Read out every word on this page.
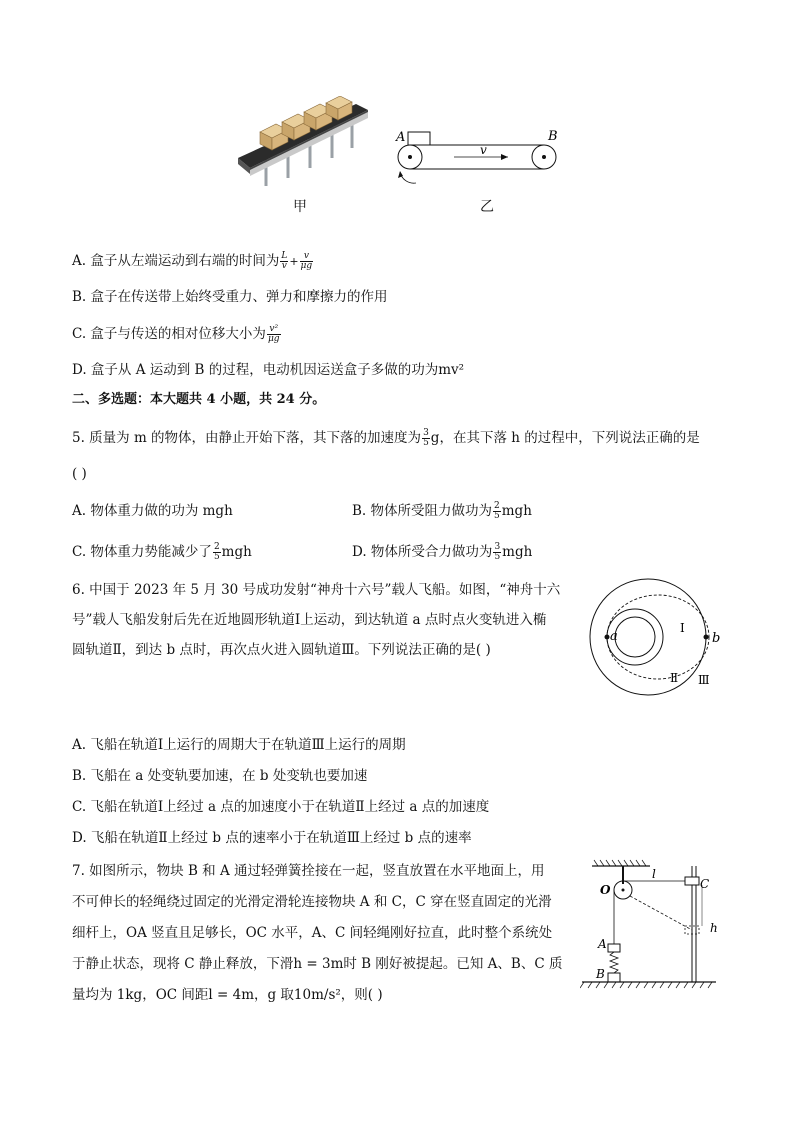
甲
A	B
v
乙
A. 盒子从左端运动到右端的时间为 $\frac{L}{v} + \frac{v}{\mu g}$
B. 盒子在传送带上始终受重力、弹力和摩擦力的作用
C. 盒子与传送的相对位移大小为 $\frac{\text{v²}}{\mu g}$
D. 盒子从 A 运动到 B 的过程，电动机因运送盒子多做的功为mv²
二、多选题：本大题共 4 小题，共 24 分。
5. 质量为 m 的物体，由静止开始下落，其下落的加速度为 $\frac{3}{5}$ g，在其下落 h 的过程中，下列说法正确的是
( )
A. 物体重力做的功为 mgh	B. 物体所受阻力做功为 $\frac{2}{5}$ mgh
C. 物体重力势能减少了 $\frac{2}{5}$ mgh	D. 物体所受合力做功为 $\frac{3}{5}$ mgh
6. 中国于 2023 年 5 月 30 号成功发射“神舟十六号”载人飞船。如图，“神舟十六
号”载人飞船发射后先在近地圆形轨道Ⅰ上运动，到达轨道 a 点时点火变轨进入椭
圆轨道Ⅱ，到达 b 点时，再次点火进入圆轨道Ⅲ。下列说法正确的是( )
a	b
Ⅰ
Ⅱ Ⅲ
A. 飞船在轨道Ⅰ上运行的周期大于在轨道Ⅲ上运行的周期
B. 飞船在 a 处变轨要加速，在 b 处变轨也要加速
C. 飞船在轨道Ⅰ上经过 a 点的加速度小于在轨道Ⅱ上经过 a 点的加速度
D. 飞船在轨道Ⅱ上经过 b 点的速率小于在轨道Ⅲ上经过 b 点的速率
7. 如图所示，物块 B 和 A 通过轻弹簧拴接在一起，竖直放置在水平地面上，用
不可伸长的轻绳绕过固定的光滑定滑轮连接物块 A 和 C，C 穿在竖直固定的光滑
细杆上，OA 竖直且足够长，OC 水平，A、C 间轻绳刚好拉直，此时整个系统处
于静止状态，现将 C 静止释放，下滑h = 3m时 B 刚好被提起。已知 A、B、C 质
量均为 1kg，OC 间距l = 4m，g 取10m/s²，则( )
O
l
C
h
A
B
